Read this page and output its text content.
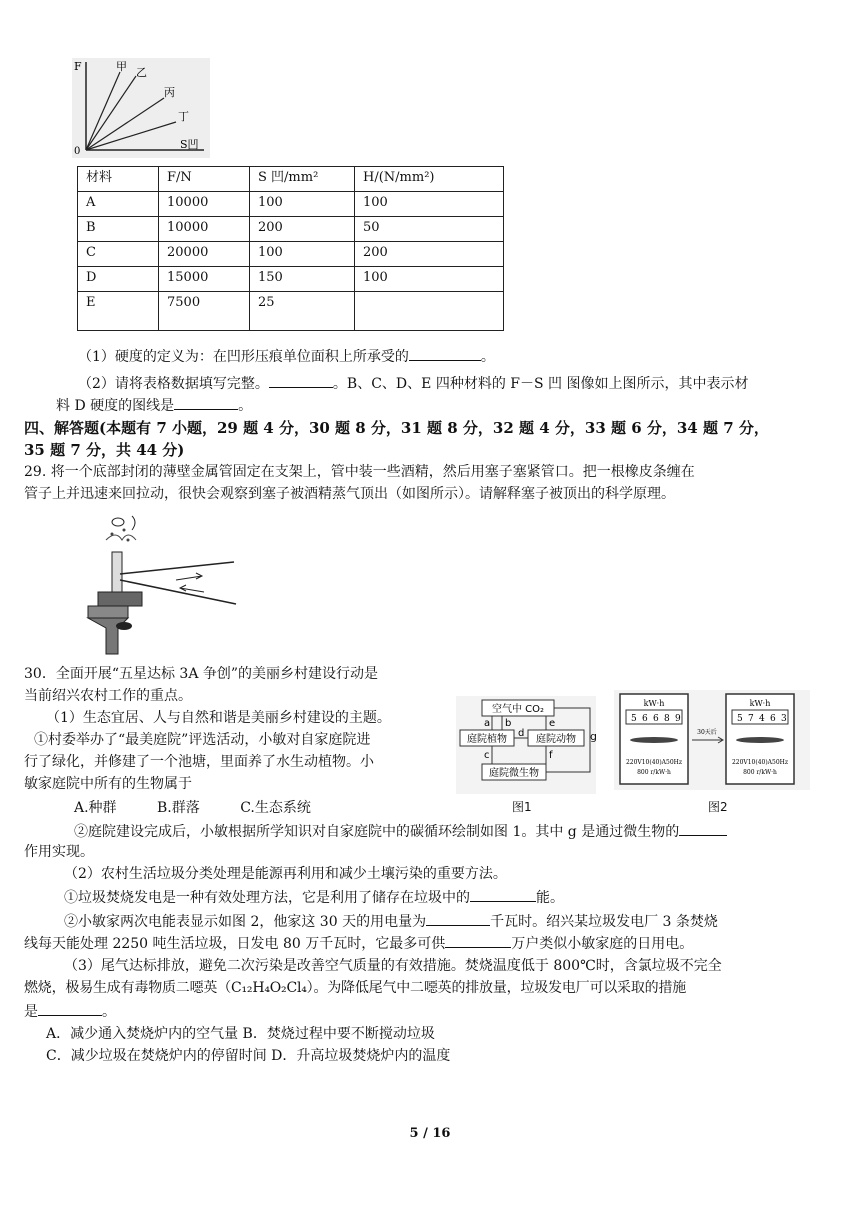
F
0
S凹
甲 乙
丙
丁
材料	F/N	S 凹/mm²	H/(N/mm²)
A	10000	100	100
B	10000	200	50
C	20000	100	200
D	15000	150	100
E	7500	25	
（1）硬度的定义为：在凹形压痕单位面积上所承受的	。
（2）请将表格数据填写完整。	。B、C、D、E 四种材料的 F－S 凹 图像如上图所示，其中表示材
料 D 硬度的图线是	。
四、解答题(本题有 7 小题，29 题 4 分，30 题 8 分，31 题 8 分，32 题 4 分，33 题 6 分，34 题 7 分，
35 题 7 分，共 44 分)
29. 将一个底部封闭的薄壁金属管固定在支架上，管中装一些酒精，然后用塞子塞紧管口。把一根橡皮条缠在
管子上并迅速来回拉动，很快会观察到塞子被酒精蒸气顶出（如图所示）。请解释塞子被顶出的科学原理。
30．全面开展“五星达标 3A 争创”的美丽乡村建设行动是
当前绍兴农村工作的重点。
（1）生态宜居、人与自然和谐是美丽乡村建设的主题。
①村委举办了“最美庭院”评选活动，小敏对自家庭院进
行了绿化，并修建了一个池塘，里面养了水生动植物。小
敏家庭院中所有的生物属于
A.种群	B.群落	C.生态系统
②庭院建设完成后，小敏根据所学知识对自家庭院中的碳循环绘制如图 1。其中 g 是通过微生物的
作用实现。
（2）农村生活垃圾分类处理是能源再利用和减少土壤污染的重要方法。
①垃圾焚烧发电是一种有效处理方法，它是利用了储存在垃圾中的	能。
②小敏家两次电能表显示如图 2，他家这 30 天的用电量为	千瓦时。绍兴某垃圾发电厂 3 条焚烧
线每天能处理 2250 吨生活垃圾，日发电 80 万千瓦时，它最多可供	万户类似小敏家庭的日用电。
（3）尾气达标排放，避免二次污染是改善空气质量的有效措施。焚烧温度低于 800℃时，含氯垃圾不完全
燃烧，极易生成有毒物质二噁英（C₁₂H₄O₂Cl₄）。为降低尾气中二噁英的排放量，垃圾发电厂可以采取的措施
是	。
A．减少通入焚烧炉内的空气量 B．焚烧过程中要不断搅动垃圾
C．减少垃圾在焚烧炉内的停留时间 D．升高垃圾焚烧炉内的温度
空气中 CO₂
庭院植物	庭院动物
庭院微生物
a b
c
d
e
f
g
图1
kW·h
5 6 6 8 9
220V10(40)A50Hz
800 r/kW·h
30天后
kW·h
5 7 4 6 3
220V10(40)A50Hz
800 r/kW·h
图2
5 / 16
